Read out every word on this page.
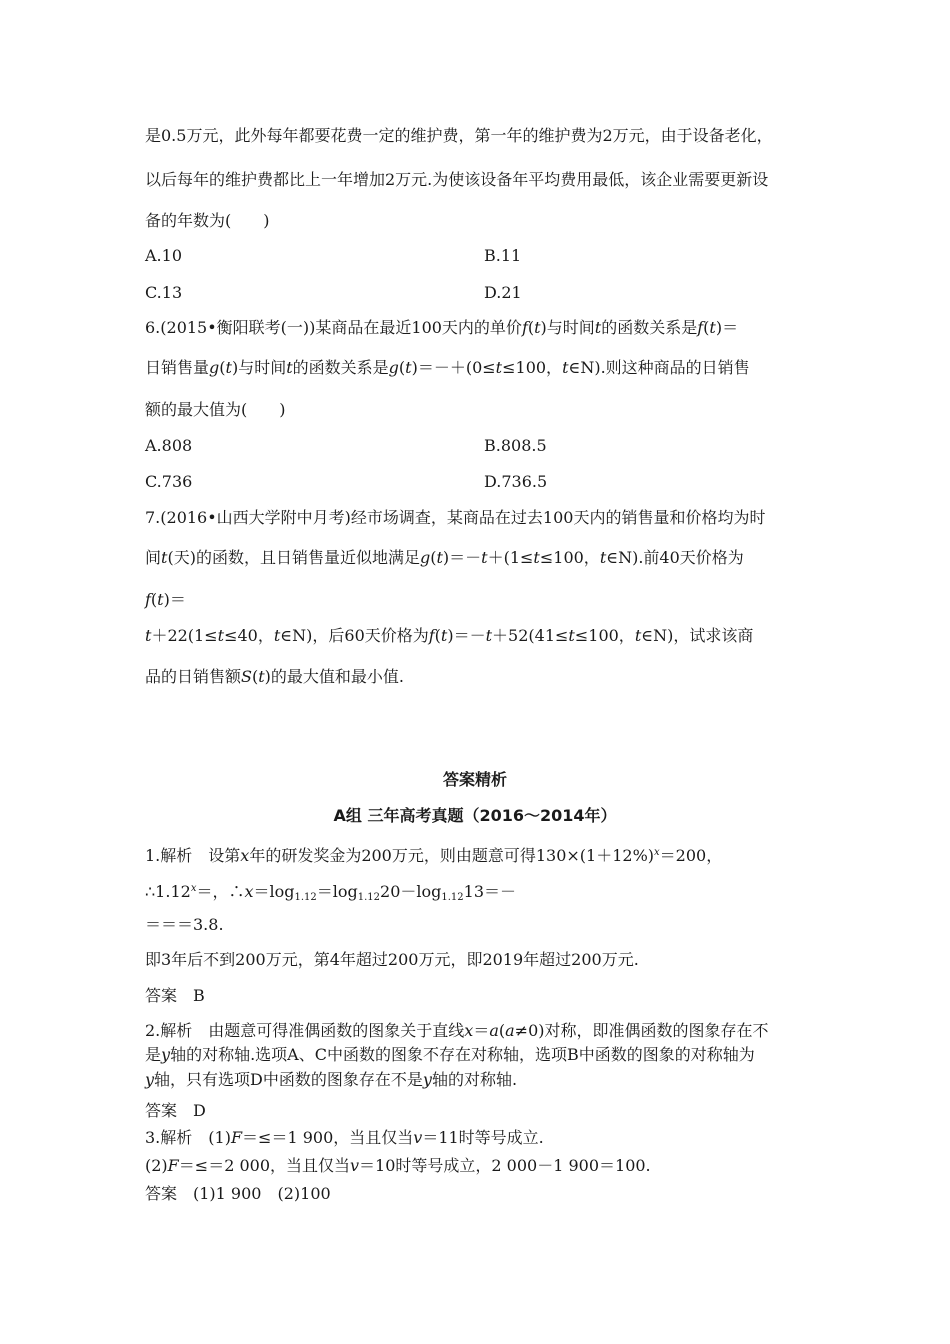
是0.5万元，此外每年都要花费一定的维护费，第一年的维护费为2万元，由于设备老化，
以后每年的维护费都比上一年增加2万元.为使该设备年平均费用最低，该企业需要更新设
备的年数为(　　)
A.10	B.11
C.13	D.21
6.(2015•衡阳联考(一))某商品在最近100天内的单价f(t)与时间t的函数关系是f(t)＝
日销售量g(t)与时间t的函数关系是g(t)＝－＋(0≤t≤100，t∈N).则这种商品的日销售
额的最大值为(　　)
A.808	B.808.5
C.736	D.736.5
7.(2016•山西大学附中月考)经市场调查，某商品在过去100天内的销售量和价格均为时
间t(天)的函数，且日销售量近似地满足g(t)＝－t＋(1≤t≤100，t∈N).前40天价格为
f(t)＝
t＋22(1≤t≤40，t∈N)，后60天价格为f(t)＝－t＋52(41≤t≤100，t∈N)，试求该商
品的日销售额S(t)的最大值和最小值.
答案精析
A组 三年高考真题（2016～2014年）
1.解析　设第x年的研发奖金为200万元，则由题意可得$130\times(1+12\%)^x=200$，
$\therefore 1.12^x=$，$\therefore x=\log_{1.12}=\log_{1.12}20-\log_{1.12}13=-$
＝＝＝3.8.
即3年后不到200万元，第4年超过200万元，即2019年超过200万元.
答案　B
2.解析　由题意可得准偶函数的图象关于直线x＝a(a≠0)对称，即准偶函数的图象存在不
是y轴的对称轴.选项A、C中函数的图象不存在对称轴，选项B中函数的图象的对称轴为
y轴，只有选项D中函数的图象存在不是y轴的对称轴.
答案　D
3.解析　(1)F＝≤＝1 900，当且仅当v＝11时等号成立.
(2)F＝≤＝2 000，当且仅当v＝10时等号成立，2 000－1 900＝100.
答案　(1)1 900　(2)100
